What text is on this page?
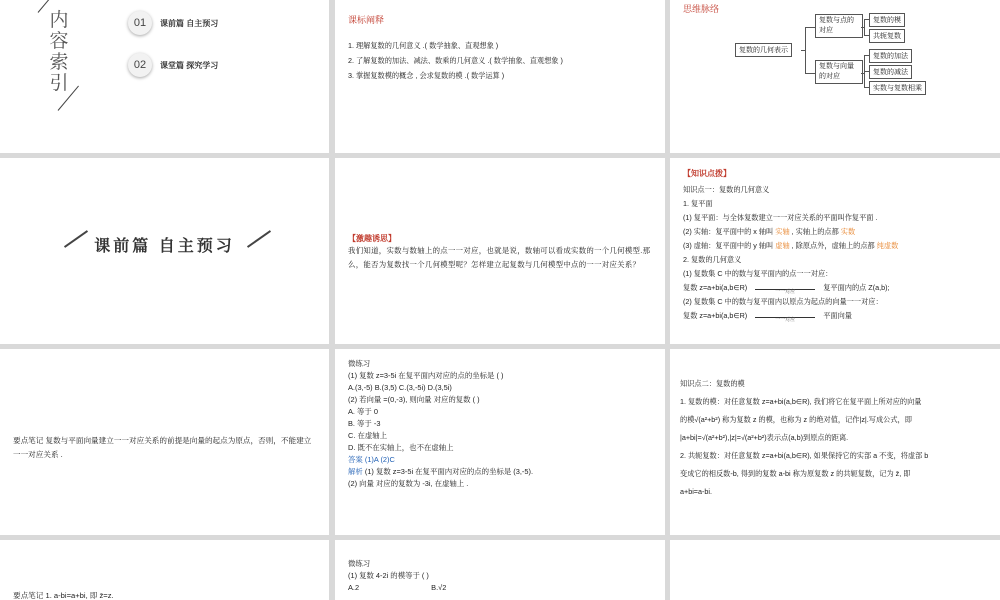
内
容
索
引
01	课前篇 自主预习
02	课堂篇 探究学习
课标阐释
1. 理解复数的几何意义 .( 数学抽象、直观想象 )
2. 了解复数的加法、减法、数乘的几何意义 .( 数学抽象、直观想象 )
3. 掌握复数模的概念 , 会求复数的模 .( 数学运算 )
思维脉络
复数的几何表示
复数与点的对应
复数与向量的对应
复数的模
共轭复数
复数的加法
复数的减法
实数与复数相乘
课前篇 自主预习	【激趣诱思】
我们知道，实数与数轴上的点一一对应，也就是说，数轴可以看成实数的一个几何模型.那么，能否为复数找一个几何模型呢？怎样建立起复数与几何模型中点的一一对应关系？
【知识点拨】
知识点一：复数的几何意义
1. 复平面
(1) 复平面：与全体复数建立一一对应关系的平面叫作复平面 .
(2) 实轴：复平面中的 x 轴叫 实轴 , 实轴上的点都 实数
(3) 虚轴：复平面中的 y 轴叫 虚轴 , 除原点外，虚轴上的点都 纯虚数
2. 复数的几何意义
(1) 复数集 C 中的数与复平面内的点一一对应：
复数 z=a+bi(a,b∈R)	一一对应	复平面内的点 Z(a,b);
(2) 复数集 C 中的数与复平面内以原点为起点的向量一一对应：
复数 z=a+bi(a,b∈R)	一一对应	平面向量
要点笔记 复数与平面向量建立一一对应关系的前提是向量的起点为原点，否则，不能建立一一对应关系 .
微练习
(1) 复数 z=3-5i 在复平面内对应的点的坐标是 ( )
A.(3,-5) B.(3,5) C.(3,-5i) D.(3,5i)
(2) 若向量 =(0,-3), 则向量 对应的复数 ( )
A. 等于 0
B. 等于 -3
C. 在虚轴上
D. 既不在实轴上，也不在虚轴上
答案 (1)A (2)C
解析 (1) 复数 z=3-5i 在复平面内对应的点的坐标是 (3,-5).
(2) 向量 对应的复数为 -3i, 在虚轴上 .
知识点二：复数的模
1. 复数的模：对任意复数 z=a+bi(a,b∈R), 我们将它在复平面上所对应的向量
的模√(a²+b²) 称为复数 z 的模，也称为 z 的绝对值，记作|z|.写成公式，即
|a+bi|=√(a²+b²),|z|=√(a²+b²)表示点(a,b)到原点的距离.
2. 共轭复数：对任意复数 z=a+bi(a,b∈R), 如果保持它的实部 a 不变，将虚部 b
变成它的相反数-b, 得到的复数 a-bi 称为原复数 z 的共轭复数，记为 z̄, 即
a+bi=a-bi.
要点笔记 1. a-bi=a+bi, 即 z̄=z.
微练习
(1) 复数 4-2i 的模等于 ( )
A.2	B.√2
